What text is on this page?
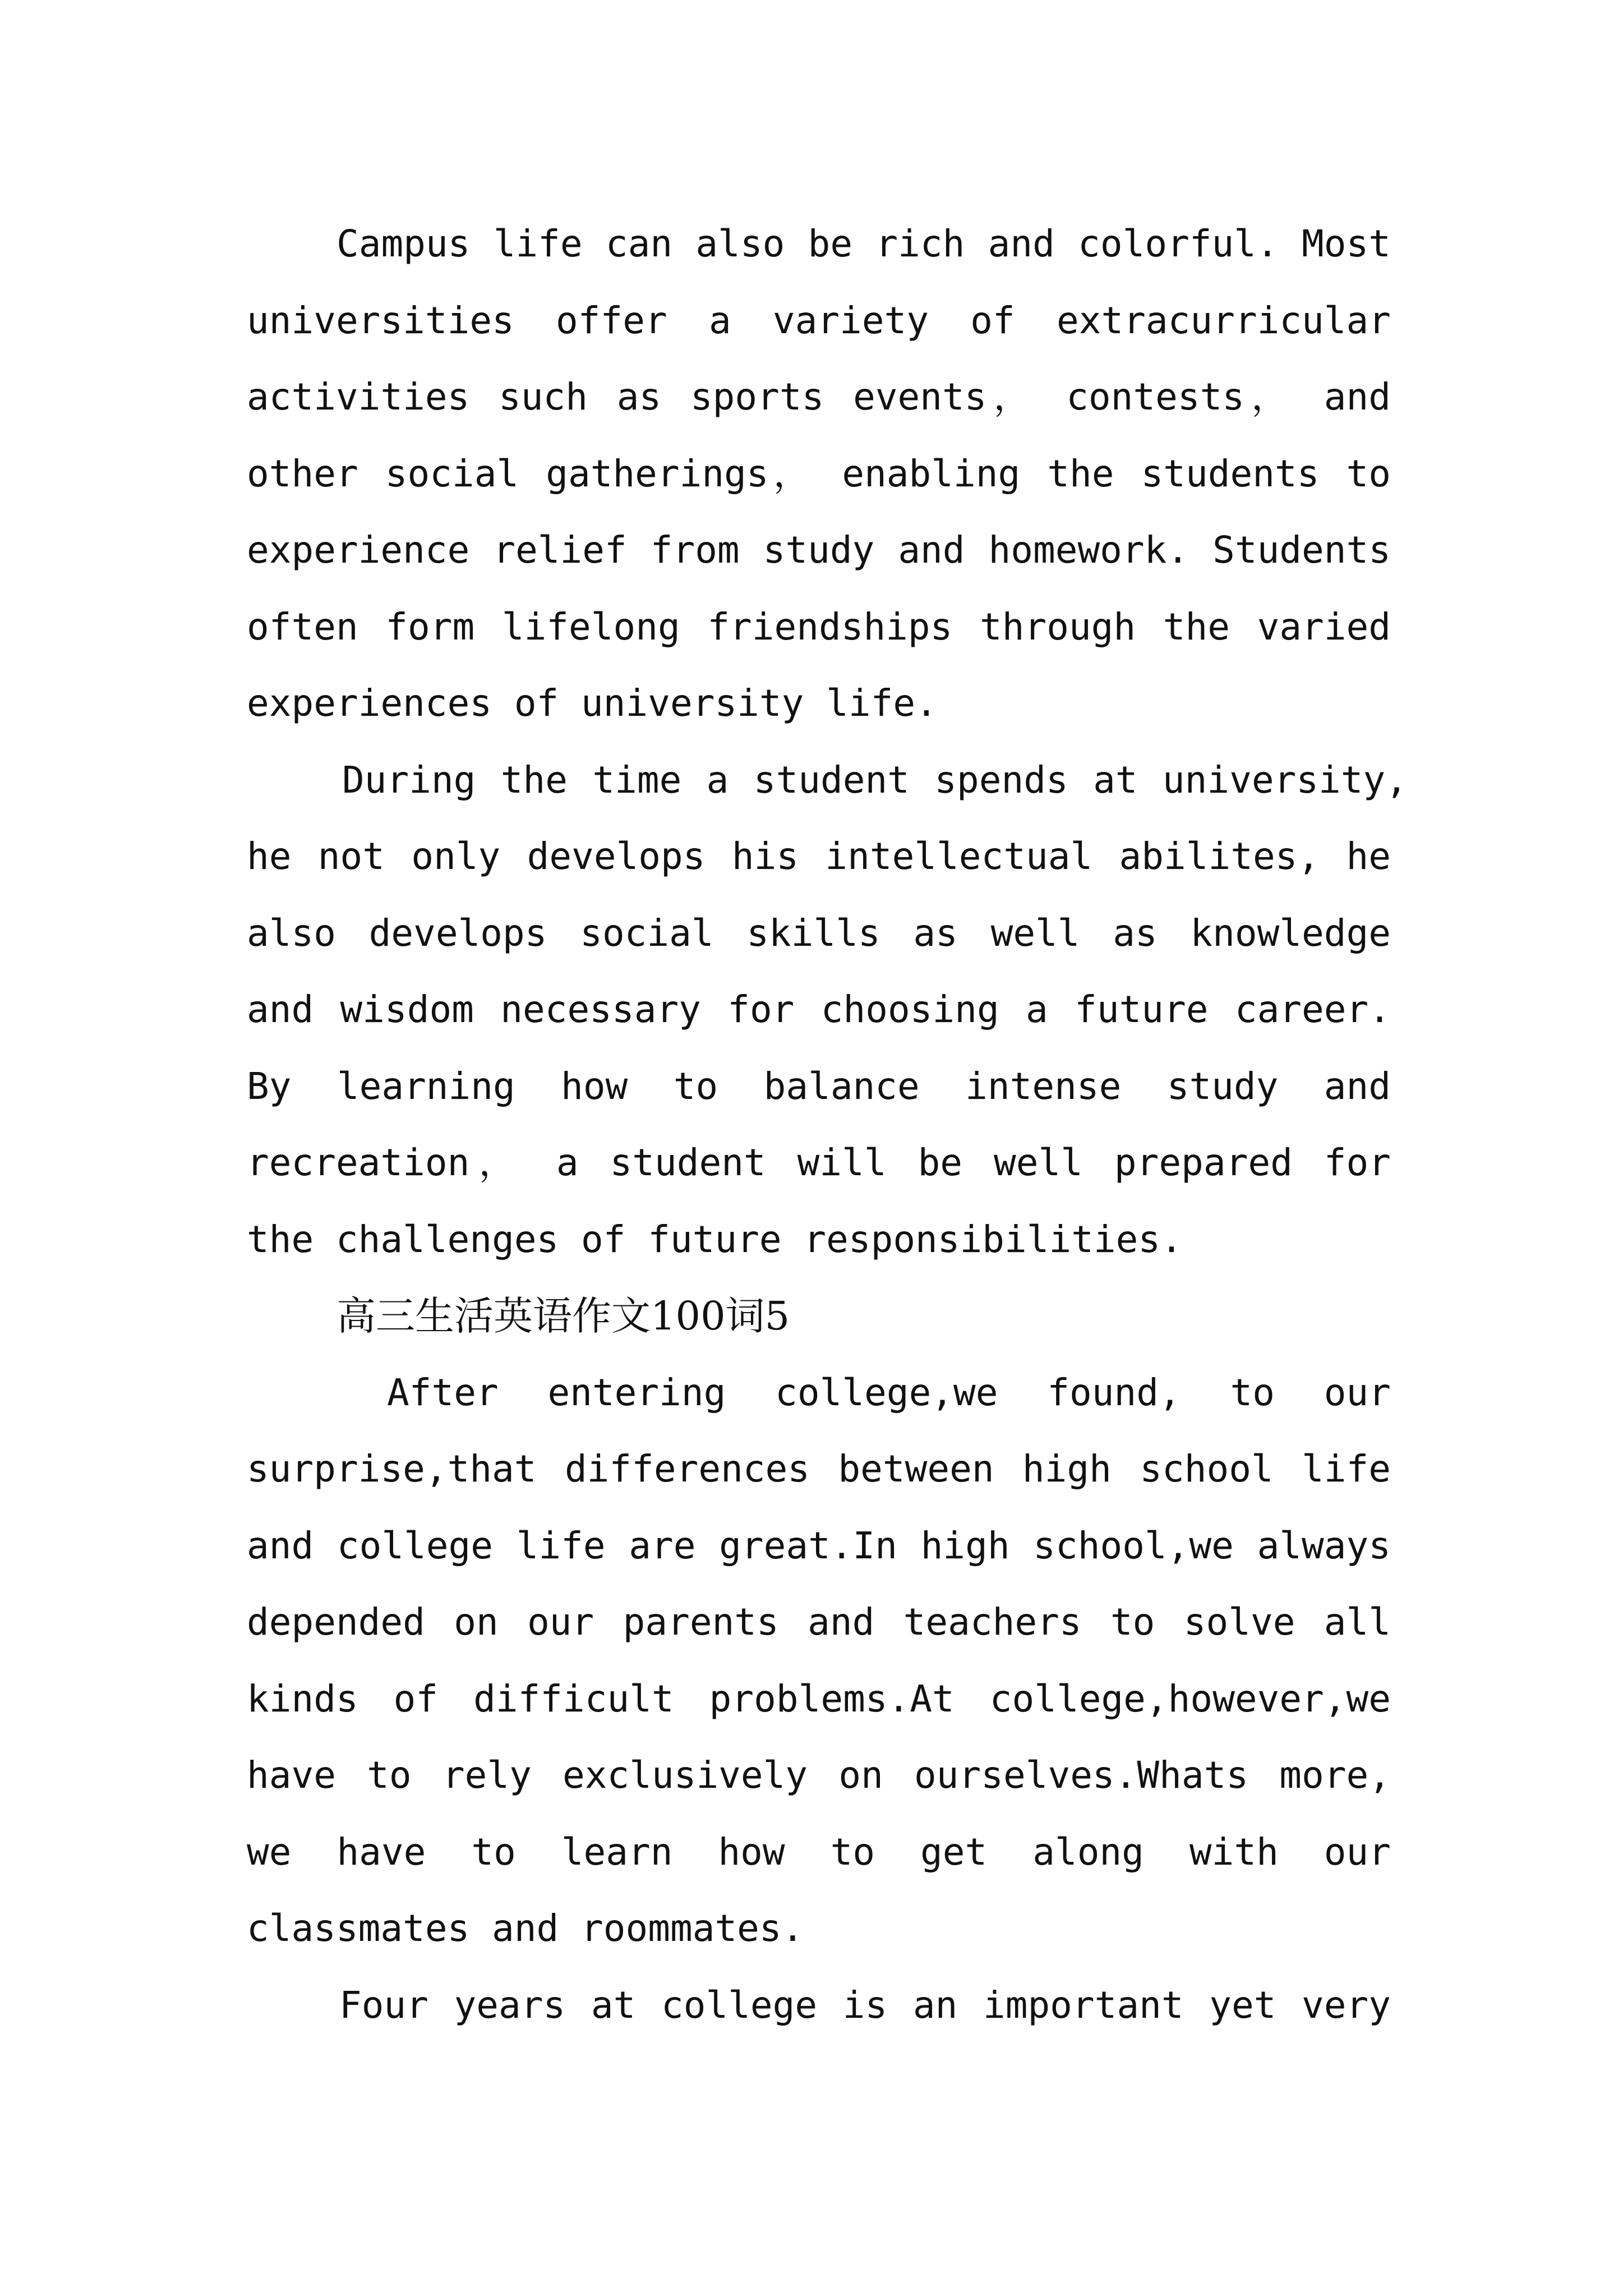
Campus life can also be rich and colorful. Most
universities offer a variety of extracurricular
activities such as sports events， contests， and
other social gatherings， enabling the students to
experience relief from study and homework. Students
often form lifelong friendships through the varied
experiences of university life.
During the time a student spends at university,
he not only develops his intellectual abilites, he
also develops social skills as well as knowledge
and wisdom necessary for choosing a future career.
By learning how to balance intense study and
recreation， a student will be well prepared for
the challenges of future responsibilities.
高三生活英语作文100词5
After entering college,we found, to our
surprise,that differences between high school life
and college life are great.In high school,we always
depended on our parents and teachers to solve all
kinds of difficult problems.At college,however,we
have to rely exclusively on ourselves.Whats more,
we have to learn how to get along with our
classmates and roommates.
Four years at college is an important yet very
